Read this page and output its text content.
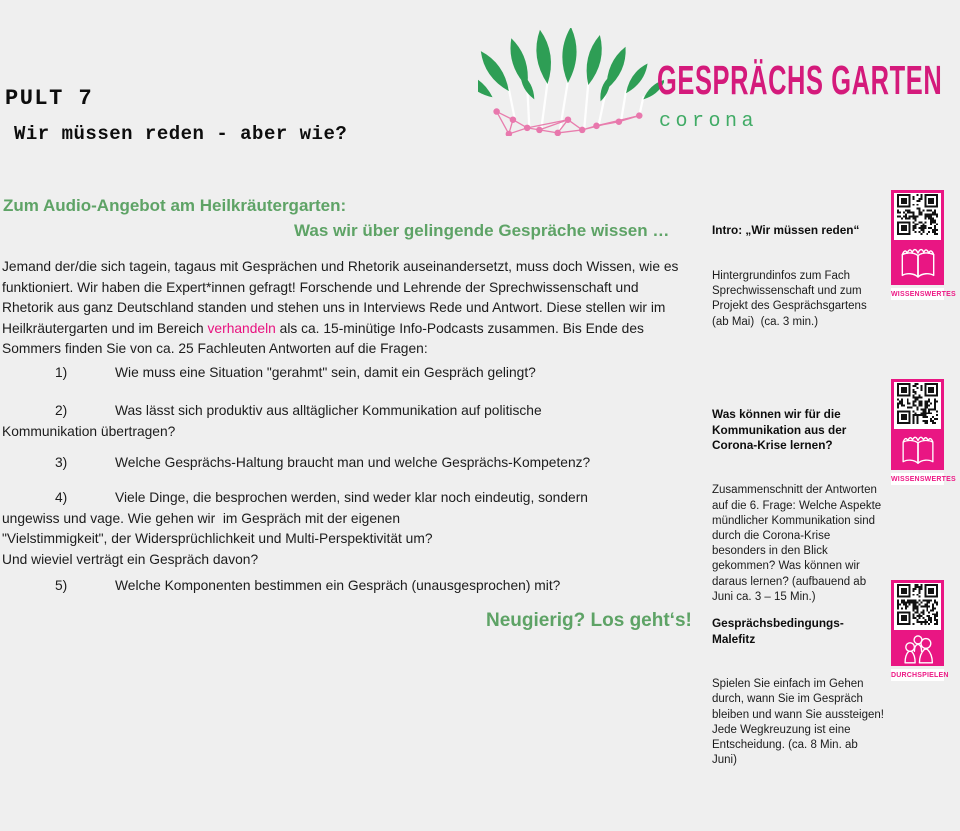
PULT 7
Wir müssen reden - aber wie?
GESPRÄCHS GARTEN
corona
Zum Audio-Angebot am Heilkräutergarten:
Was wir über gelingende Gespräche wissen …
Jemand der/die sich tagein, tagaus mit Gesprächen und Rhetorik auseinandersetzt, muss doch Wissen, wie es
funktioniert. Wir haben die Expert*innen gefragt! Forschende und Lehrende der Sprechwissenschaft und
Rhetorik aus ganz Deutschland standen und stehen uns in Interviews Rede und Antwort. Diese stellen wir im
Heilkräutergarten und im Bereich verhandeln als ca. 15-minütige Info-Podcasts zusammen. Bis Ende des
Sommers finden Sie von ca. 25 Fachleuten Antworten auf die Fragen:
1)	Wie muss eine Situation "gerahmt" sein, damit ein Gespräch gelingt?
2)	Was lässt sich produktiv aus alltäglicher Kommunikation auf politische
Kommunikation übertragen?
3)	Welche Gesprächs-Haltung braucht man und welche Gesprächs-Kompetenz?
4)	Viele Dinge, die besprochen werden, sind weder klar noch eindeutig, sondern
ungewiss und vage. Wie gehen wir  im Gespräch mit der eigenen
"Vielstimmigkeit", der Widersprüchlichkeit und Multi-Perspektivität um?
Und wieviel verträgt ein Gespräch davon?
5)	Welche Komponenten bestimmen ein Gespräch (unausgesprochen) mit?
Neugierig? Los geht‘s!

Intro: „Wir müssen reden“

Hintergrundinfos zum Fach Sprechwissenschaft und zum Projekt des Gesprächsgartens (ab Mai)  (ca. 3 min.)

WISSENSWERTES

Was können wir für die Kommunikation aus der Corona-Krise lernen?

Zusammenschnitt der Antworten auf die 6. Frage: Welche Aspekte mündlicher Kommunikation sind durch die Corona-Krise besonders in den Blick gekommen? Was können wir daraus lernen? (aufbauend ab  Juni ca. 3 – 15 Min.)

WISSENSWERTES

Gesprächsbedingungs-Malefitz

Spielen Sie einfach im Gehen durch, wann Sie im Gespräch bleiben und wann Sie aussteigen! Jede Wegkreuzung ist eine Entscheidung. (ca. 8 Min. ab Juni)

DURCHSPIELEN
